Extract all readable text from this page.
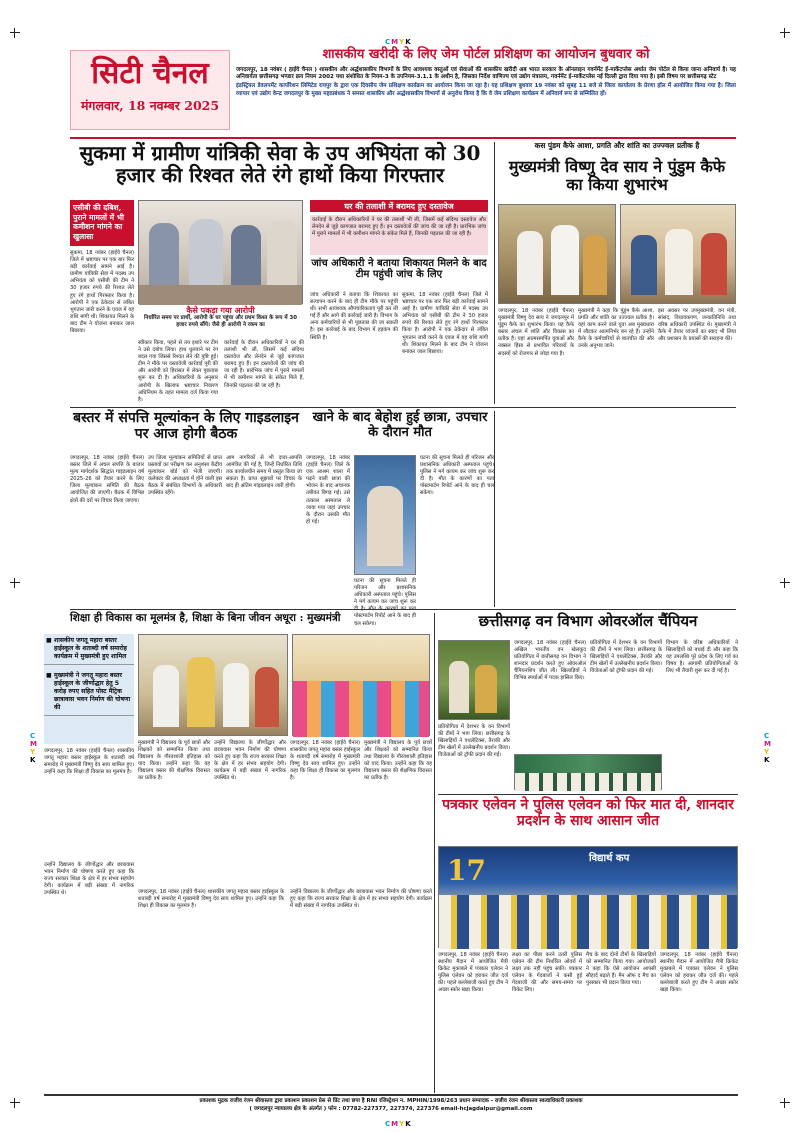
CMYK
CMYK
C
M
Y
K
C
M
Y
K
सिटी चैनल
मंगलवार, 18 नवम्बर 2025
शासकीय खरीदी के लिए जेम पोर्टल प्रशिक्षण का आयोजन बुधवार को
जगदलपुर, 18 नवंबर ( हाईवे चैनल ) शासकीय और अर्द्धशासकीय विभागों के लिए आवश्यक वस्तुओं एवं सेवाओं की शासकीय खरीदी अब भारत सरकार के ऑनलाइन गवर्नमेंट ई-मार्केटप्लेस अर्थात जेम पोर्टल से किया जाना अनिवार्य है। यह अनिवार्यता छत्तीसगढ़ भण्डार क्रय नियम 2002 यथा संशोधित के नियम-3 के उपनियम-3.1.1 के अधीन है, जिसका निर्देश वाणिज्य एवं उद्योग मंत्रालय, गवर्नमेंट ई-मार्केटप्लेस नई दिल्ली द्वारा दिया गया है। इसी विषय पर छत्तीसगढ़ स्टेट
इंडस्ट्रियल डेवलपमेंट कार्पोरेशन लिमिटेड रायपुर के द्वारा एक दिवसीय जेम प्रशिक्षण कार्यक्रम का आयोजन किया जा रहा है। यह प्रशिक्षण बुधवार 19 नवंबर को सुबह 11 बजे से जिला कार्यालय के प्रेरणा हॉल में आयोजित किया गया है। जिला व्यापार एवं उद्योग केन्द्र जगदलपुर के मुख्य महाप्रबंधक ने समस्त शासकीय और अर्द्धशासकीय विभागों से अनुरोध किया है कि वे जेम प्रशिक्षण कार्यक्रम में अनिवार्य रूप से सम्मिलित हों।
सुकमा में ग्रामीण यांत्रिकी सेवा के उप अभियंता को 30 हजार की रिश्वत लेते रंगे हाथों किया गिरफ्तार
एसीबी की दबिश, पुराने मामलों में भी कमीशन मांगने का खुलासा
सुकमा, 18 नवंबर (हाईवे चैनल) जिले में भ्रष्टाचार पर एक बार फिर बड़ी कार्रवाई सामने आई है। ग्रामीण यांत्रिकी सेवा में पदस्थ उप अभियंता को एसीबी की टीम ने 30 हजार रुपये की रिश्वत लेते हुए रंगे हाथों गिरफ्तार किया है। आरोपी ने एक ठेकेदार से लंबित भुगतान जारी करने के एवज में यह राशि मांगी थी। शिकायत मिलने के बाद टीम ने योजना बनाकर जाल बिछाया।
कैसे पकड़ा गया आरोपी
निर्धारित समय पर प्रार्थी, आरोपी के घर पहुंचा और प्रथम किश्त के रूप में 30 हजार रुपये सौंपे। जैसे ही आरोपी ने रकम का
स्वीकार किया, पहले से तय इशारे पर टीम ने उसे दबोच लिया। हाथ धुलवाने पर रंग बदल गया जिससे रिश्वत लेने की पुष्टि हुई। टीम ने मौके पर दस्तावेजी कार्रवाई पूरी की और आरोपी को हिरासत में लेकर पूछताछ शुरू कर दी है। अधिकारियों के अनुसार आरोपी के खिलाफ भ्रष्टाचार निवारण अधिनियम के तहत मामला दर्ज किया गया है।
कार्रवाई के दौरान अधिकारियों ने घर की तलाशी भी ली, जिसमें कई संदिग्ध दस्तावेज और लेनदेन से जुड़े कागजात बरामद हुए हैं। इन दस्तावेजों की जांच की जा रही है। प्रारंभिक जांच में पुराने मामलों में भी कमीशन मांगने के संकेत मिले हैं, जिनकी पड़ताल की जा रही है।
घर की तलाशी में बरामद हुए दस्तावेज
कार्रवाई के दौरान अधिकारियों ने घर की तलाशी भी ली, जिसमें कई संदिग्ध दस्तावेज और लेनदेन से जुड़े कागजात बरामद हुए हैं। इन दस्तावेजों की जांच की जा रही है। प्रारंभिक जांच में पुराने मामलों में भी कमीशन मांगने के संकेत मिले हैं, जिनकी पड़ताल की जा रही है।
जांच अधिकारी ने बताया शिकायत मिलने के बाद टीम पहुंची जांच के लिए
जांच अधिकारी ने बताया कि शिकायत का सत्यापन करने के बाद ही टीम मौके पर पहुंची थी। सभी आवश्यक औपचारिकताएं पूरी कर ली गई हैं और आगे की कार्रवाई जारी है। विभाग के अन्य कर्मचारियों से भी पूछताछ की जा सकती है। इस कार्रवाई के बाद विभाग में हड़कंप की स्थिति है।
सुकमा, 18 नवंबर (हाईवे चैनल) जिले में भ्रष्टाचार पर एक बार फिर बड़ी कार्रवाई सामने आई है। ग्रामीण यांत्रिकी सेवा में पदस्थ उप अभियंता को एसीबी की टीम ने 30 हजार रुपये की रिश्वत लेते हुए रंगे हाथों गिरफ्तार किया है। आरोपी ने एक ठेकेदार से लंबित भुगतान जारी करने के एवज में यह राशि मांगी थी। शिकायत मिलने के बाद टीम ने योजना बनाकर जाल बिछाया।
कस पुंडम कैफे आशा, प्रगति और शांति का उज्ज्वल प्रतीक है
मुख्यमंत्री विष्णु देव साय ने पुंडुम कैफे का किया शुभारंभ
जगदलपुर, 18 नवंबर (हाईवे चैनल) मुख्यमंत्री विष्णु देव साय ने जगदलपुर में पुंडुम कैफे का शुभारंभ किया। यह कैफे बस्तर अंचल में शांति और विकास का प्रतीक है। यहां आत्मसमर्पित युवाओं और नक्सल हिंसा से प्रभावित परिवारों के सदस्यों को रोजगार से जोड़ा गया है।
मुख्यमंत्री ने कहा कि पुंडुम कैफे आशा, प्रगति और शांति का उज्ज्वल प्रतीक है। यहां काम करने वाले युवा अब मुख्यधारा में लौटकर आत्मनिर्भर बन रहे हैं। उन्होंने कैफे के कर्मचारियों से बातचीत की और उनके अनुभव जाने।
इस अवसर पर उपमुख्यमंत्री, वन मंत्री, सांसद, विधायकगण, जनप्रतिनिधि तथा वरिष्ठ अधिकारी उपस्थित थे। मुख्यमंत्री ने कैफे में तैयार व्यंजनों का स्वाद भी लिया और प्रशासन के प्रयासों की सराहना की।
बस्तर में संपत्ति मूल्यांकन के लिए गाइडलाइन पर आज होगी बैठक
जगदलपुर, 18 नवंबर (हाईवे चैनल) बस्तर जिले में अचल संपत्ति के बाजार मूल्य मार्गदर्शक सिद्धांत गाइडलाइन वर्ष 2025-26 को तैयार करने के लिए जिला मूल्यांकन समिति की बैठक आयोजित की जाएगी। बैठक में विभिन्न क्षेत्रों की दरों पर विचार किया जाएगा।
उप जिला मूल्यांकन समितियों से प्राप्त प्रस्तावों का परीक्षण कर अनुशंसा केंद्रीय मूल्यांकन बोर्ड को भेजी जाएगी। कलेक्टर की अध्यक्षता में होने वाली इस बैठक में संबंधित विभागों के अधिकारी उपस्थित रहेंगे।
आम नागरिकों से भी दावा-आपत्ति आमंत्रित की गई है, जिन्हें निर्धारित तिथि तक कार्यालयीन समय में प्रस्तुत किया जा सकता है। प्राप्त सुझावों पर विचार के बाद ही अंतिम गाइडलाइन जारी होगी।
खाने के बाद बेहोश हुई छात्रा, उपचार के दौरान मौत
जगदलपुर, 18 नवंबर (हाईवे चैनल) जिले के एक आश्रम शाला में पढ़ने वाली छात्रा की भोजन के बाद अचानक तबीयत बिगड़ गई। उसे तत्काल अस्पताल ले जाया गया जहां उपचार के दौरान उसकी मौत हो गई।
घटना की सूचना मिलते ही परिजन और प्रशासनिक अधिकारी अस्पताल पहुंचे। पुलिस ने मर्ग कायम कर जांच शुरू कर पोस्टमार्टम रिपोर्ट आने के बाद ही चल सकेगा।
घटना की सूचना मिलते ही परिजन और प्रशासनिक अधिकारी अस्पताल पहुंचे। पुलिस ने मर्ग कायम कर जांच शुरू कर दी है। मौत के कारणों का पता पोस्टमार्टम रिपोर्ट आने के बाद ही चल सकेगा।
शिक्षा ही विकास का मूलमंत्र है, शिक्षा के बिना जीवन अधूरा : मुख्यमंत्री
■ शासकीय जगतू महारा बस्तर हाईस्कूल के शताब्दी वर्ष समारोह कार्यक्रम में मुख्यमंत्री हुए शामिल
■ मुख्यमंत्री ने जगतू महारा बस्तर हाईस्कूल के जीर्णोद्धार हेतु 5 करोड़ रुपए सहित पोस्ट मैट्रिक छात्रावास भवन निर्माण की घोषणा की
जगदलपुर, 18 नवंबर (हाईवे चैनल) शासकीय जगतू महारा बस्तर हाईस्कूल के शताब्दी वर्ष समारोह में मुख्यमंत्री विष्णु देव साय शामिल हुए। उन्होंने कहा कि शिक्षा ही विकास का मूलमंत्र है।
मुख्यमंत्री ने विद्यालय के पूर्व छात्रों और शिक्षकों को सम्मानित किया तथा विद्यालय के गौरवशाली इतिहास को याद किया। उन्होंने कहा कि यह विद्यालय बस्तर की शैक्षणिक विरासत का प्रतीक है।
उन्होंने विद्यालय के जीर्णोद्धार और छात्रावास भवन निर्माण की घोषणा करते हुए कहा कि राज्य सरकार शिक्षा के क्षेत्र में हर संभव सहयोग देगी। कार्यक्रम में बड़ी संख्या में नागरिक उपस्थित थे।
जगदलपुर, 18 नवंबर (हाईवे चैनल) शासकीय जगतू महारा बस्तर हाईस्कूल के शताब्दी वर्ष समारोह में मुख्यमंत्री विष्णु देव साय शामिल हुए। उन्होंने कहा कि शिक्षा ही विकास का मूलमंत्र है।
मुख्यमंत्री ने विद्यालय के पूर्व छात्रों और शिक्षकों को सम्मानित किया तथा विद्यालय के गौरवशाली इतिहास को याद किया। उन्होंने कहा कि यह विद्यालय बस्तर की शैक्षणिक विरासत का प्रतीक है।
उन्होंने विद्यालय के जीर्णोद्धार और छात्रावास भवन निर्माण की घोषणा करते हुए कहा कि राज्य सरकार शिक्षा के क्षेत्र में हर संभव सहयोग देगी। कार्यक्रम में बड़ी संख्या में नागरिक उपस्थित थे।	जगदलपुर, 18 नवंबर (हाईवे चैनल) शासकीय जगतू महारा बस्तर हाईस्कूल के शताब्दी वर्ष समारोह में मुख्यमंत्री विष्णु देव साय शामिल हुए। उन्होंने कहा कि शिक्षा ही विकास का मूलमंत्र है।
उन्होंने विद्यालय के जीर्णोद्धार और छात्रावास भवन निर्माण की घोषणा करते हुए कहा कि राज्य सरकार शिक्षा के क्षेत्र में हर संभव सहयोग देगी। कार्यक्रम में बड़ी संख्या में नागरिक उपस्थित थे।
छत्तीसगढ़ वन विभाग ओवरऑल चैंपियन
जगदलपुर, 18 नवंबर (हाईवे चैनल) अखिल भारतीय वन खेलकूद प्रतियोगिता में छत्तीसगढ़ वन विभाग ने शानदार प्रदर्शन करते हुए ओवरऑल चैंपियनशिप जीत ली। खिलाड़ियों ने विभिन्न स्पर्धाओं में पदक हासिल किए।
प्रतियोगिता में देशभर के वन विभागों की टीमों ने भाग लिया। छत्तीसगढ़ के खिलाड़ियों ने एथलेटिक्स, तैराकी और टीम खेलों में उल्लेखनीय प्रदर्शन किया। विजेताओं को ट्रॉफी प्रदान की गई।
विभाग के वरिष्ठ अधिकारियों ने खिलाड़ियों को बधाई दी और कहा कि यह उपलब्धि पूरे प्रदेश के लिए गर्व का विषय है। आगामी प्रतियोगिताओं के लिए भी तैयारी शुरू कर दी गई है।
प्रतियोगिता में देशभर के वन विभागों की टीमों ने भाग लिया। छत्तीसगढ़ के खिलाड़ियों ने एथलेटिक्स, तैराकी और टीम खेलों में उल्लेखनीय प्रदर्शन किया। विजेताओं को ट्रॉफी प्रदान की गई।
पत्रकार एलेवन ने पुलिस एलेवन को फिर मात दी, शानदार प्रदर्शन के साथ आसान जीत
विद्यार्थ कप
17
जगदलपुर, 18 नवंबर (हाईवे चैनल) स्थानीय मैदान में आयोजित मैत्री क्रिकेट मुकाबले में पत्रकार एलेवन ने पुलिस एलेवन को हराकर जीत दर्ज की। पहले बल्लेबाजी करते हुए टीम ने अच्छा स्कोर खड़ा किया।
लक्ष्य का पीछा करने उतरी पुलिस एलेवन की टीम निर्धारित ओवरों में लक्ष्य तक नहीं पहुंच सकी। पत्रकार एलेवन के गेंदबाजों ने कसी हुई गेंदबाजी की और समय-समय पर विकेट लिए।
मैच के बाद दोनों टीमों के खिलाड़ियों को सम्मानित किया गया। आयोजकों ने कहा कि ऐसे आयोजन आपसी सौहार्द बढ़ाते हैं। मैन ऑफ द मैच का पुरस्कार भी प्रदान किया गया।
जगदलपुर, 18 नवंबर (हाईवे चैनल) स्थानीय मैदान में आयोजित मैत्री क्रिकेट मुकाबले में पत्रकार एलेवन ने पुलिस एलेवन को हराकर जीत दर्ज की। पहले बल्लेबाजी करते हुए टीम ने अच्छा स्कोर खड़ा किया।
प्रकाशक मुद्रक राजीव रंजन श्रीवास्तव द्वारा प्रकाशन प्रकाशन प्रेस से प्रिंट तथा छपा है RNI रजिस्ट्रेशन न. MPHIN/1998/263 प्रधान सम्पादक - राजीव रंजन श्रीवास्तव स्वत्वाधिकारी प्रकाशक
( जगदलपुर न्यायालय क्षेत्र के अंतर्गत ) फोन : 07782-227377, 227374, 227376 email-hcjagdalpur@gmail.com
